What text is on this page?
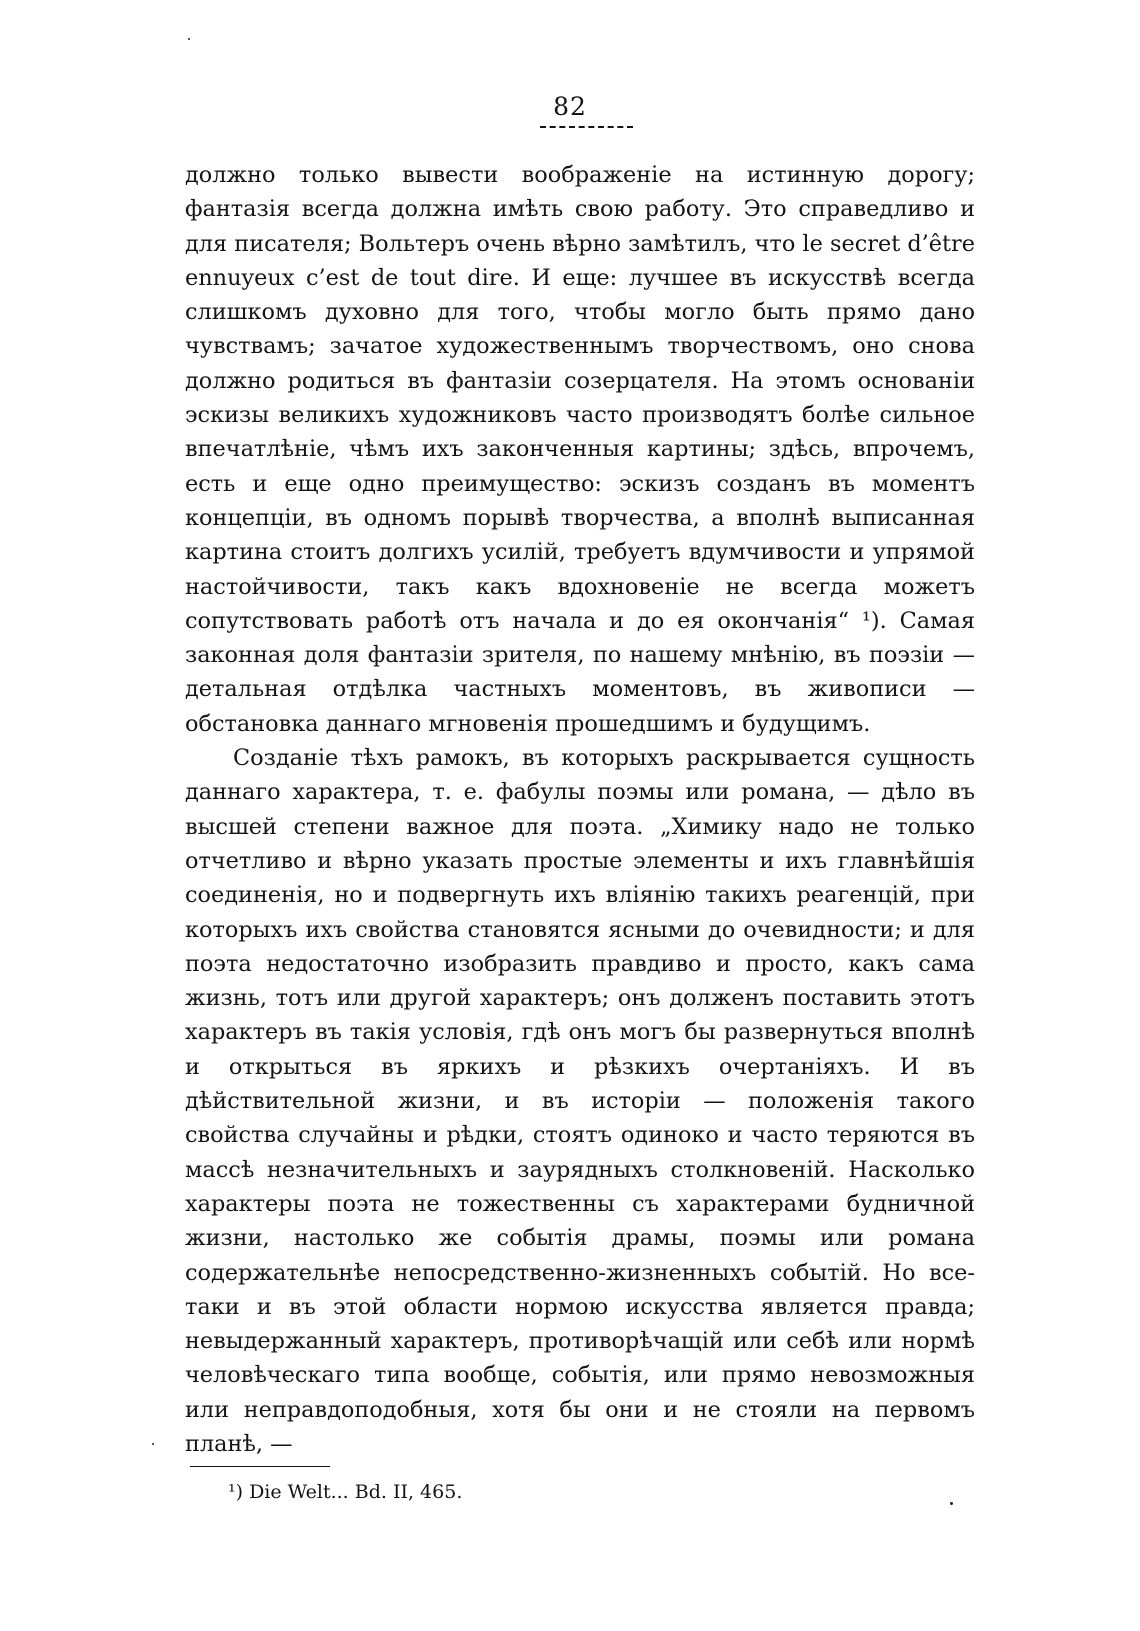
82

должно только вывести воображеніе на истинную дорогу; фантазія всегда должна имѣть свою работу. Это справедливо и для писателя; Вольтеръ очень вѣрно замѣтилъ, что le secret d’être ennuyeux c’est de tout dire. И еще: лучшее въ искусствѣ всегда слишкомъ духовно для того, чтобы могло быть прямо дано чувствамъ; зачатое художественнымъ творчествомъ, оно снова должно родиться въ фантазіи созерцателя. На этомъ основаніи эскизы великихъ художниковъ часто производятъ болѣе сильное впечатлѣніе, чѣмъ ихъ законченныя картины; здѣсь, впрочемъ, есть и еще одно преимущество: эскизъ созданъ въ моментъ концепціи, въ одномъ порывѣ творчества, а вполнѣ выписанная картина стоитъ долгихъ усилій, требуетъ вдумчивости и упрямой настойчивости, такъ какъ вдохновеніе не всегда можетъ сопутствовать работѣ отъ начала и до ея окончанія“ ¹). Самая законная доля фантазіи зрителя, по нашему мнѣнію, въ поэзіи — детальная отдѣлка частныхъ моментовъ, въ живописи — обстановка даннаго мгновенія прошедшимъ и будущимъ.

Созданіе тѣхъ рамокъ, въ которыхъ раскрывается сущность даннаго характера, т. е. фабулы поэмы или романа, — дѣло въ высшей степени важное для поэта. „Химику надо не только отчетливо и вѣрно указать простые элементы и ихъ главнѣйшія соединенія, но и подвергнуть ихъ вліянію такихъ реагенцій, при которыхъ ихъ свойства становятся ясными до очевидности; и для поэта недостаточно изобразить правдиво и просто, какъ сама жизнь, тотъ или другой характеръ; онъ долженъ поставить этотъ характеръ въ такія условія, гдѣ онъ могъ бы развернуться вполнѣ и открыться въ яркихъ и рѣзкихъ очертаніяхъ. И въ дѣйствительной жизни, и въ исторіи — положенія такого свойства случайны и рѣдки, стоятъ одиноко и часто теряются въ массѣ незначительныхъ и заурядныхъ столкновеній. Насколько характеры поэта не тожественны съ характерами будничной жизни, настолько же событія драмы, поэмы или романа содержательнѣе непосредственно-жизненныхъ событій. Но все-таки и въ этой области нормою искусства является правда; невыдержанный характеръ, противорѣчащій или себѣ или нормѣ человѣческаго типа вообще, событія, или прямо невозможныя или неправдоподобныя, хотя бы они и не стояли на первомъ планѣ, —

¹) Die Welt... Bd. II, 465.
